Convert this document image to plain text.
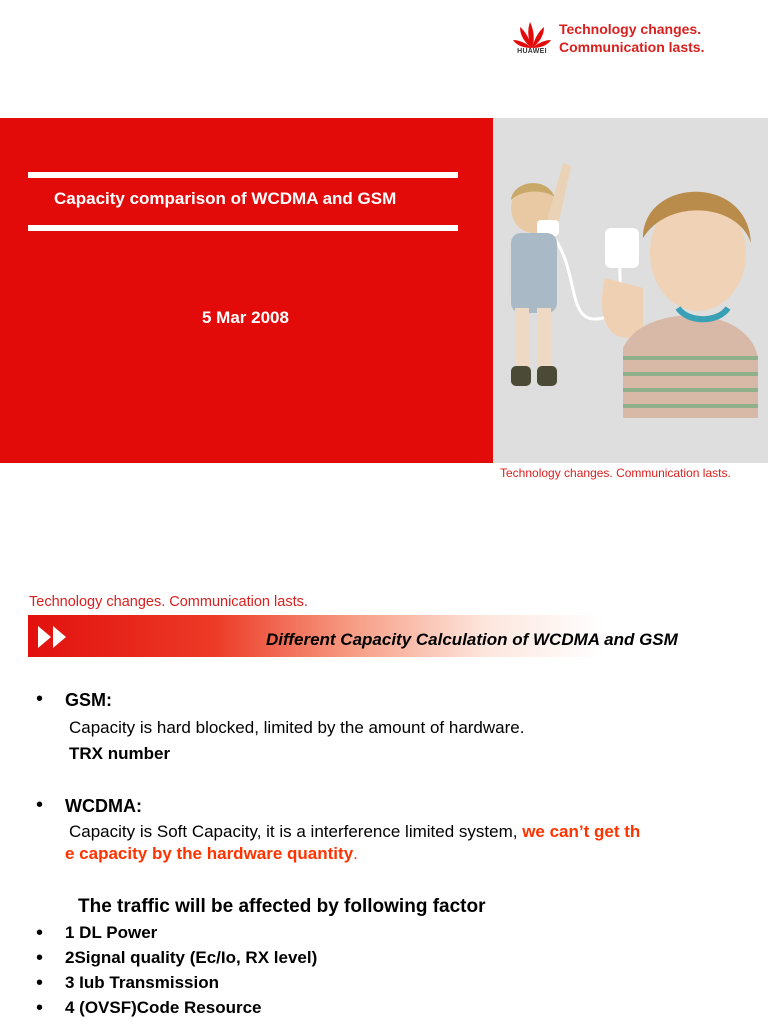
HUAWEI
Technology changes.
Communication lasts.
Capacity comparison of WCDMA and GSM
5 Mar 2008
Technology changes. Communication lasts.
Technology changes. Communication lasts.
Different Capacity Calculation of WCDMA and GSM
• GSM:
Capacity is hard blocked, limited by the amount of hardware.
TRX number
• WCDMA:
Capacity is Soft Capacity, it is a interference limited system, we can’t get th
e capacity by the hardware quantity.
The traffic will be affected by following factor
• 1 DL Power
• 2Signal quality (Ec/Io, RX level)
• 3 Iub Transmission
• 4 (OVSF)Code Resource
